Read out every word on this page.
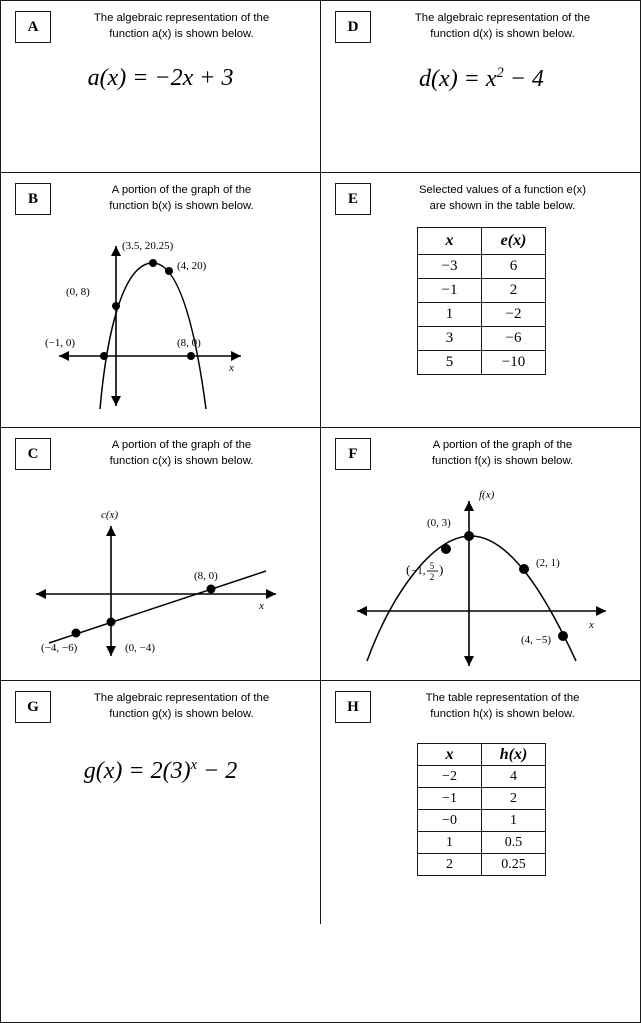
A
The algebraic representation of the
function a(x) is shown below.
a(x) = −2x + 3
D
The algebraic representation of the
function d(x) is shown below.
$d(x) = x^2 - 4$
B
A portion of the graph of the
function b(x) is shown below.
(3.5, 20.25)
(4, 20)
(0, 8)
(−1, 0)	(8, 0)
x
E
Selected values of a function e(x)
are shown in the table below.
x	e(x)
−3	6
−1	2
1	−2
3	−6
5	−10
C
A portion of the graph of the
function c(x) is shown below.
c(x)
(8, 0)
(−4, −6)	(0, −4)
x
F
A portion of the graph of the
function f(x) is shown below.
f(x)
(0, 3)
(2, 1)
(4, −5)
( −1, 5
2 )
x
G
The algebraic representation of the
function g(x) is shown below.
$g(x) = 2(3)^x - 2$
H
The table representation of the
function h(x) is shown below.
x	h(x)
−2	4
−1	2
−0	1
1	0.5
2	0.25
